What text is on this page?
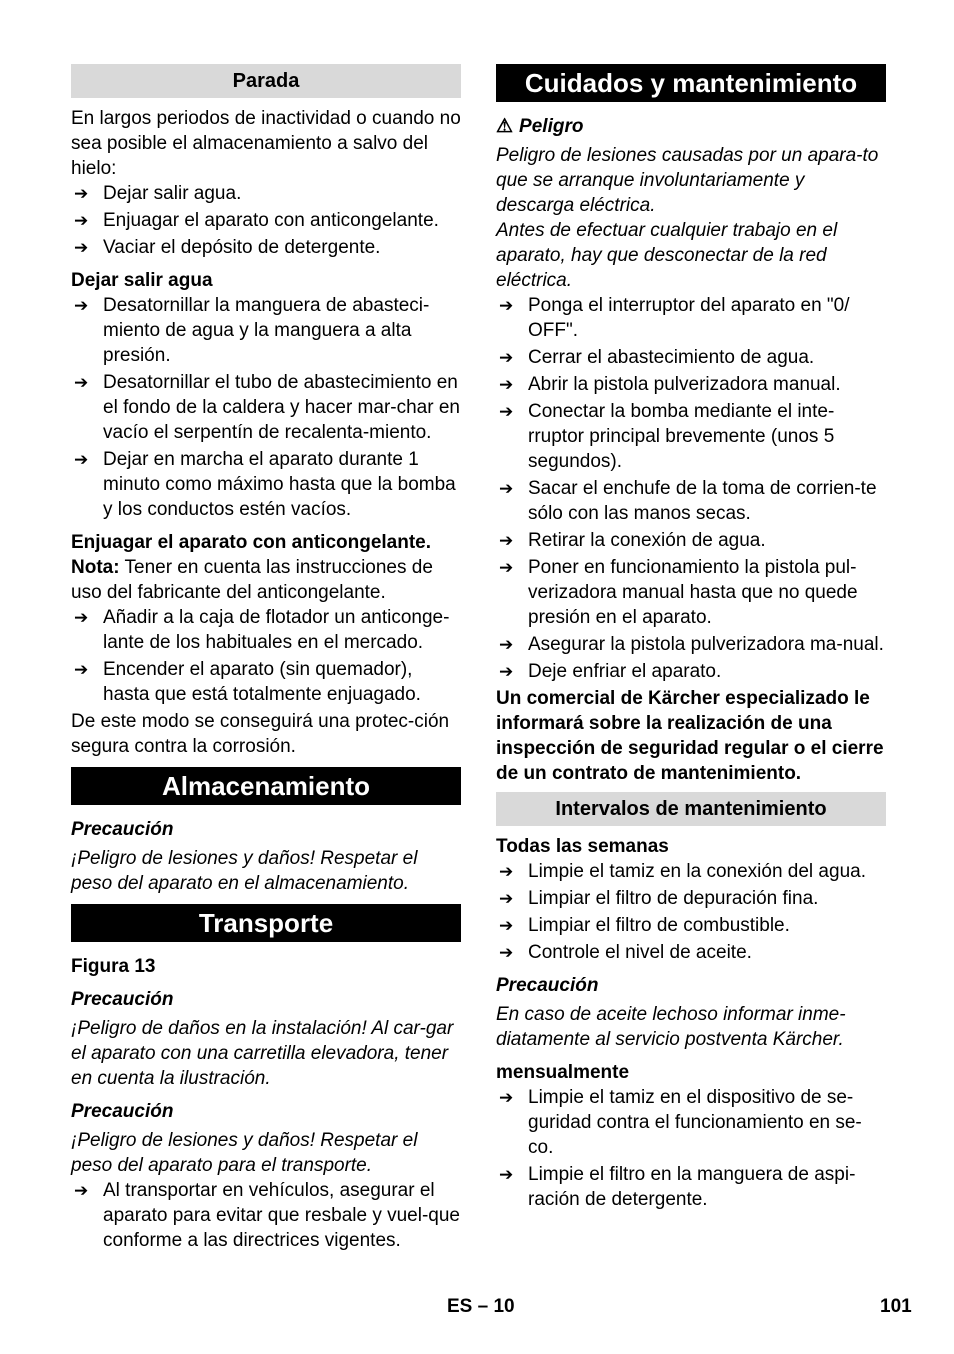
Parada

En largos periodos de inactividad o cuando no sea posible el almacenamiento a salvo del hielo:

➔ Dejar salir agua.
➔ Enjuagar el aparato con anticongelante.
➔ Vaciar el depósito de detergente.

Dejar salir agua

➔ Desatornillar la manguera de abasteci-miento de agua y la manguera a alta presión.
➔ Desatornillar el tubo de abastecimiento en el fondo de la caldera y hacer mar-char en vacío el serpentín de recalenta-miento.
➔ Dejar en marcha el aparato durante 1 minuto como máximo hasta que la bomba y los conductos estén vacíos.

Enjuagar el aparato con anticongelante.

Nota: Tener en cuenta las instrucciones de uso del fabricante del anticongelante.

➔ Añadir a la caja de flotador un anticonge-lante de los habituales en el mercado.
➔ Encender el aparato (sin quemador), hasta que está totalmente enjuagado.

De este modo se conseguirá una protec-ción segura contra la corrosión.

Almacenamiento

Precaución

¡Peligro de lesiones y daños! Respetar el peso del aparato en el almacenamiento.

Transporte

Figura 13

Precaución

¡Peligro de daños en la instalación! Al car-gar el aparato con una carretilla elevadora, tener en cuenta la ilustración.

Precaución

¡Peligro de lesiones y daños! Respetar el peso del aparato para el transporte.

➔ Al transportar en vehículos, asegurar el aparato para evitar que resbale y vuel-que conforme a las directrices vigentes.
Cuidados y mantenimiento

⚠ Peligro

Peligro de lesiones causadas por un apara-to que se arranque involuntariamente y descarga eléctrica.

Antes de efectuar cualquier trabajo en el aparato, hay que desconectar de la red eléctrica.

➔ Ponga el interruptor del aparato en "0/ OFF".
➔ Cerrar el abastecimiento de agua.
➔ Abrir la pistola pulverizadora manual.
➔ Conectar la bomba mediante el inte-rruptor principal brevemente (unos 5 segundos).
➔ Sacar el enchufe de la toma de corrien-te sólo con las manos secas.
➔ Retirar la conexión de agua.
➔ Poner en funcionamiento la pistola pul-verizadora manual hasta que no quede presión en el aparato.
➔ Asegurar la pistola pulverizadora ma-nual.
➔ Deje enfriar el aparato.

Un comercial de Kärcher especializado le informará sobre la realización de una inspección de seguridad regular o el cierre de un contrato de mantenimiento.

Intervalos de mantenimiento

Todas las semanas

➔ Limpie el tamiz en la conexión del agua.
➔ Limpiar el filtro de depuración fina.
➔ Limpiar el filtro de combustible.
➔ Controle el nivel de aceite.

Precaución

En caso de aceite lechoso informar inme-diatamente al servicio postventa Kärcher.

mensualmente

➔ Limpie el tamiz en el dispositivo de se-guridad contra el funcionamiento en se-co.
➔ Limpie el filtro en la manguera de aspi-ración de detergente.
ES – 10	101
